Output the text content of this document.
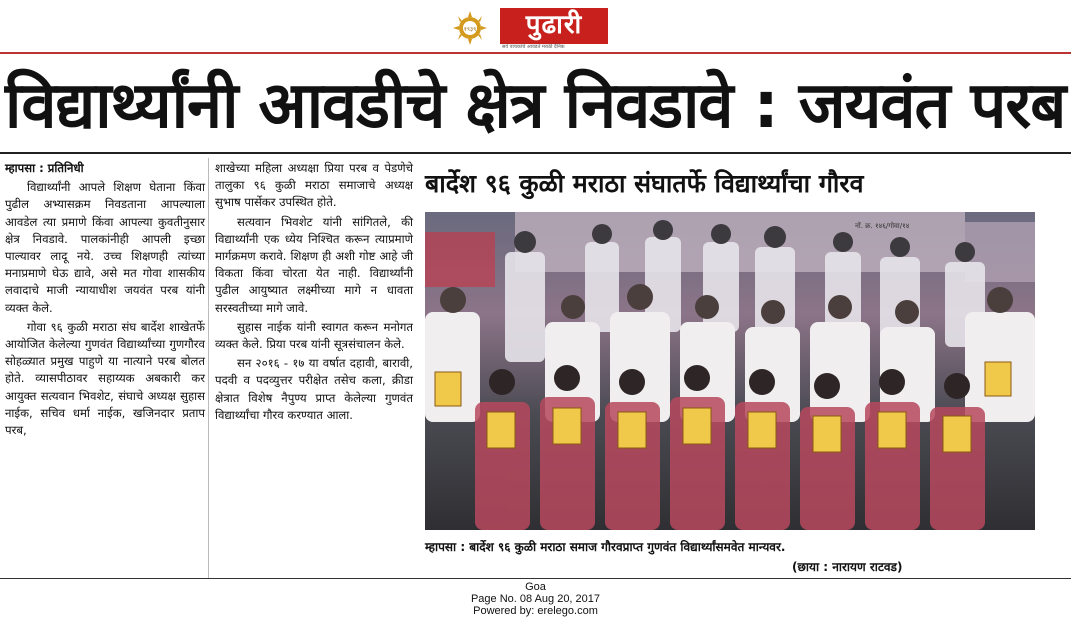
१९३९	पुढारी
सर्व वाचकांचे आवडते मराठी दैनिक
विद्यार्थ्यांनी आवडीचे क्षेत्र निवडावे : जयवंत परब
म्हापसा : प्रतिनिधी

विद्यार्थ्यांनी आपले शिक्षण घेताना किंवा पुढील अभ्यासक्रम निवडताना आपल्याला आवडेल त्या प्रमाणे किंवा आपल्या कुवतीनुसार क्षेत्र निवडावे. पालकांनीही आपली इच्छा पाल्यावर लादू नये. उच्च शिक्षणही त्यांच्या मनाप्रमाणे घेऊ द्यावे, असे मत गोवा शासकीय लवादाचे माजी न्यायाधीश जयवंत परब यांनी व्यक्त केले.

गोवा ९६ कुळी मराठा संघ बार्देश शाखेतर्फे आयोजित केलेल्या गुणवंत विद्यार्थ्यांच्या गुणगौरव सोहळ्यात प्रमुख पाहुणे या नात्याने परब बोलत होते. व्यासपीठावर सहाय्यक अबकारी कर आयुक्त सत्यवान भिवशेट, संघाचे अध्यक्ष सुहास नाईक, सचिव धर्मा नाईक, खजिनदार प्रताप परब,

शाखेच्या महिला अध्यक्षा प्रिया परब व पेडणेचे तालुका ९६ कुळी मराठा समाजाचे अध्यक्ष सुभाष पार्सेकर उपस्थित होते.

सत्यवान भिवशेट यांनी सांगितले, की विद्यार्थ्यांनी एक ध्येय निश्चित करून त्याप्रमाणे मार्गक्रमण करावे. शिक्षण ही अशी गोष्ट आहे जी विकता किंवा चोरता येत नाही. विद्यार्थ्यांनी पुढील आयुष्यात लक्ष्मीच्या मागे न धावता सरस्वतीच्या मागे जावे.

सुहास नाईक यांनी स्वागत करून मनोगत व्यक्त केले. प्रिया परब यांनी सूत्रसंचालन केले.

सन २०१६ - १७ या वर्षात दहावी, बारावी, पदवी व पदव्युत्तर परीक्षेत तसेच कला, क्रीडा क्षेत्रात विशेष नैपुण्य प्राप्त केलेल्या गुणवंत विद्यार्थ्यांचा गौरव करण्यात आला.

बार्देश ९६ कुळी मराठा संघातर्फे विद्यार्थ्यांचा गौरव
नों. क्र. १४६/गोवा/१४
म्हापसा : बार्देश ९६ कुळी मराठा समाज गौरवप्राप्त गुणवंत विद्यार्थ्यांसमवेत मान्यवर.
(छाया : नारायण राटवड)
Goa
Page No. 08 Aug 20, 2017
Powered by: erelego.com
